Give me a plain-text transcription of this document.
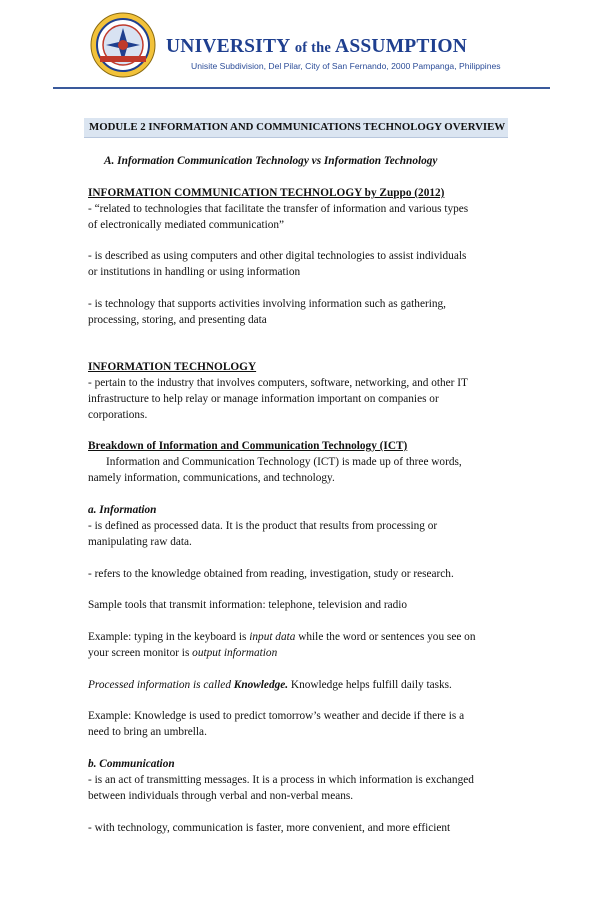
UNIVERSITY of the ASSUMPTION
Unisite Subdivision, Del Pilar, City of San Fernando, 2000 Pampanga, Philippines
MODULE 2 INFORMATION AND COMMUNICATIONS TECHNOLOGY OVERVIEW
A. Information Communication Technology vs Information Technology
INFORMATION COMMUNICATION TECHNOLOGY by Zuppo (2012)
- “related to technologies that facilitate the transfer of information and various types
of electronically mediated communication”
- is described as using computers and other digital technologies to assist individuals
or institutions in handling or using information
- is technology that supports activities involving information such as gathering,
processing, storing, and presenting data
INFORMATION TECHNOLOGY
- pertain to the industry that involves computers, software, networking, and other IT
infrastructure to help relay or manage information important on companies or
corporations.
Breakdown of Information and Communication Technology (ICT)
Information and Communication Technology (ICT) is made up of three words,
namely information, communications, and technology.
a. Information
- is defined as processed data. It is the product that results from processing or
manipulating raw data.
- refers to the knowledge obtained from reading, investigation, study or research.
Sample tools that transmit information: telephone, television and radio
Example: typing in the keyboard is input data while the word or sentences you see on
your screen monitor is output information
Processed information is called Knowledge. Knowledge helps fulfill daily tasks.
Example: Knowledge is used to predict tomorrow’s weather and decide if there is a
need to bring an umbrella.
b. Communication
- is an act of transmitting messages. It is a process in which information is exchanged
between individuals through verbal and non-verbal means.
- with technology, communication is faster, more convenient, and more efficient
